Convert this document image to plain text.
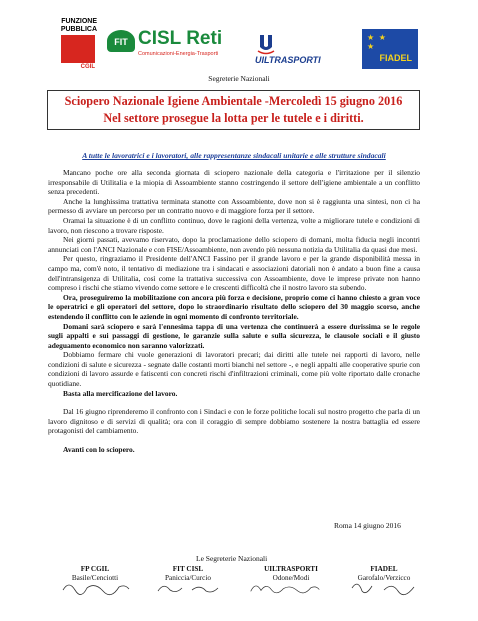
FUNZIONE
PUBBLICA
CGIL
FIT CISL Reti
Comunicazioni-Energia-Trasporti
UILTRASPORTI
★ ★
★
FIADEL
Segreterie Nazionali
Sciopero Nazionale Igiene Ambientale -Mercoledì 15 giugno 2016
Nel settore prosegue la lotta per le tutele e i diritti.
A tutte le lavoratrici e i lavoratori, alle rappresentanze sindacali unitarie e alle strutture sindacali

Mancano poche ore alla seconda giornata di sciopero nazionale della categoria e l'irritazione per il silenzio irresponsabile di Utilitalia e la miopia di Assoambiente stanno costringendo il settore dell'igiene ambientale a un conflitto senza precedenti.

Anche la lunghissima trattativa terminata stanotte con Assoambiente, dove non si è raggiunta una sintesi, non ci ha permesso di avviare un percorso per un contratto nuovo e di maggiore forza per il settore.

Oramai la situazione è di un conflitto continuo, dove le ragioni della vertenza, volte a migliorare tutele e condizioni di lavoro, non riescono a trovare risposte.

Nei giorni passati, avevamo riservato, dopo la proclamazione dello sciopero di domani, molta fiducia negli incontri annunciati con l'ANCI Nazionale e con FISE/Assoambiente, non avendo più nessuna notizia da Utilitalia da quasi due mesi.

Per questo, ringraziamo il Presidente dell'ANCI Fassino per il grande lavoro e per la grande disponibilità messa in campo ma, com'è noto, il tentativo di mediazione tra i sindacati e associazioni datoriali non è andato a buon fine a causa dell'intransigenza di Utilitalia, così come la trattativa successiva con Assoambiente, dove le imprese private non hanno compreso i rischi che stiamo vivendo come settore e le crescenti difficoltà che il nostro lavoro sta subendo.

Ora, proseguiremo la mobilitazione con ancora più forza e decisione, proprio come ci hanno chiesto a gran voce le operatrici e gli operatori del settore, dopo lo straordinario risultato dello sciopero del 30 maggio scorso, anche estendendo il conflitto con le aziende in ogni momento di confronto territoriale.

Domani sarà sciopero e sarà l'ennesima tappa di una vertenza che continuerà a essere durissima se le regole sugli appalti e sui passaggi di gestione, le garanzie sulla salute e sulla sicurezza, le clausole sociali e il giusto adeguamento economico non saranno valorizzati.

Dobbiamo fermare chi vuole generazioni di lavoratori precari; dai diritti alle tutele nei rapporti di lavoro, nelle condizioni di salute e sicurezza - segnate dalle costanti morti bianchi nel settore -, e negli appalti alle cooperative spurie con condizioni di lavoro assurde e fatiscenti con concreti rischi d'infiltrazioni criminali, come più volte riportato dalle cronache quotidiane.

Basta alla mercificazione del lavoro.

Dal 16 giugno riprenderemo il confronto con i Sindaci e con le forze politiche locali sul nostro progetto che parla di un lavoro dignitoso e di servizi di qualità; ora con il coraggio di sempre dobbiamo sostenere la nostra battaglia ed essere protagonisti del cambiamento.

Avanti con lo sciopero.

Roma 14 giugno 2016
Le Segreterie Nazionali
FP CGIL
Basile/Cenciotti
FIT CISL
Paniccia/Curcio
UILTRASPORTI
Odone/Modi
FIADEL
Garofalo/Verzicco
